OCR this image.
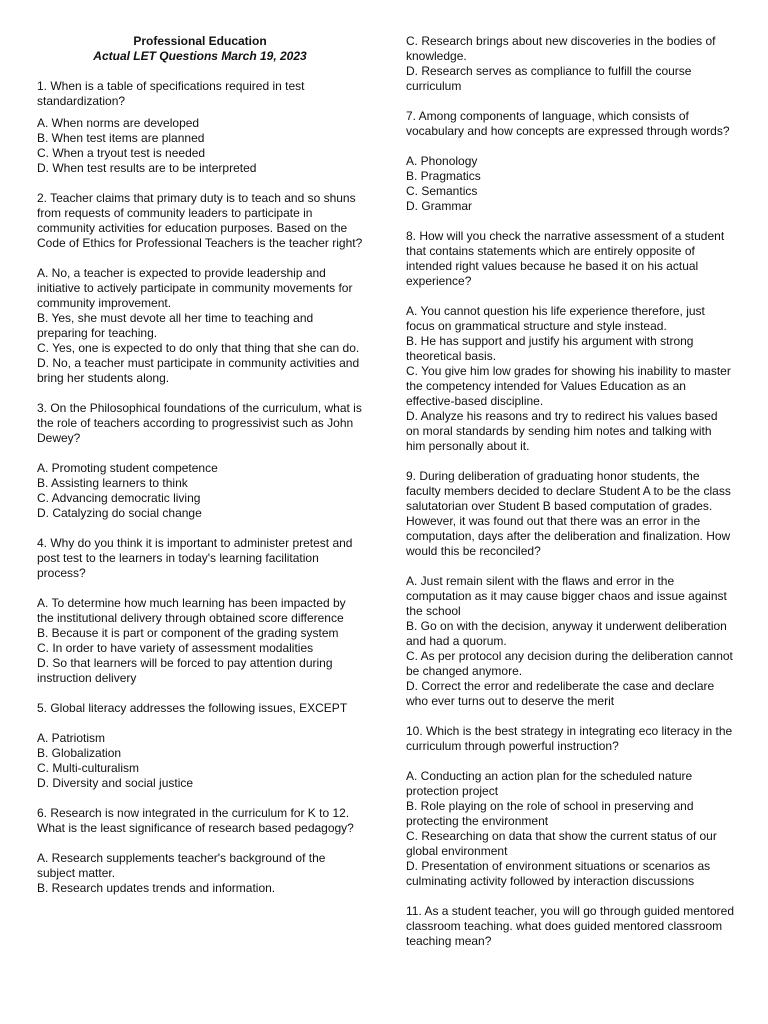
Professional Education

Actual LET Questions March 19, 2023

1. When is a table of specifications required in test standardization?

A. When norms are developed

B. When test items are planned

C. When a tryout test is needed

D. When test results are to be interpreted

2. Teacher claims that primary duty is to teach and so shuns from requests of community leaders to participate in community activities for education purposes. Based on the Code of Ethics for Professional Teachers is the teacher right?

A. No, a teacher is expected to provide leadership and initiative to actively participate in community movements for community improvement.

B. Yes, she must devote all her time to teaching and preparing for teaching.

C. Yes, one is expected to do only that thing that she can do.

D. No, a teacher must participate in community activities and bring her students along.

3. On the Philosophical foundations of the curriculum, what is the role of teachers according to progressivist such as John Dewey?

A. Promoting student competence

B. Assisting learners to think

C. Advancing democratic living

D. Catalyzing do social change

4. Why do you think it is important to administer pretest and post test to the learners in today's learning facilitation process?

A. To determine how much learning has been impacted by the institutional delivery through obtained score difference

B. Because it is part or component of the grading system

C. In order to have variety of assessment modalities

D. So that learners will be forced to pay attention during instruction delivery

5. Global literacy addresses the following issues, EXCEPT

A. Patriotism

B. Globalization

C. Multi-culturalism

D. Diversity and social justice

6. Research is now integrated in the curriculum for K to 12. What is the least significance of research based pedagogy?

A. Research supplements teacher's background of the subject matter.

B. Research updates trends and information.

C. Research brings about new discoveries in the bodies of knowledge.

D. Research serves as compliance to fulfill the course curriculum

7. Among components of language, which consists of vocabulary and how concepts are expressed through words?

A. Phonology

B. Pragmatics

C. Semantics

D. Grammar

8. How will you check the narrative assessment of a student that contains statements which are entirely opposite of intended right values because he based it on his actual experience?

A. You cannot question his life experience therefore, just focus on grammatical structure and style instead.

B. He has support and justify his argument with strong theoretical basis.

C. You give him low grades for showing his inability to master the competency intended for Values Education as an effective-based discipline.

D. Analyze his reasons and try to redirect his values based on moral standards by sending him notes and talking with him personally about it.

9. During deliberation of graduating honor students, the faculty members decided to declare Student A to be the class salutatorian over Student B based computation of grades. However, it was found out that there was an error in the computation, days after the deliberation and finalization. How would this be reconciled?

A. Just remain silent with the flaws and error in the computation as it may cause bigger chaos and issue against the school

B. Go on with the decision, anyway it underwent deliberation and had a quorum.

C. As per protocol any decision during the deliberation cannot be changed anymore.

D. Correct the error and redeliberate the case and declare who ever turns out to deserve the merit

10. Which is the best strategy in integrating eco literacy in the curriculum through powerful instruction?

A. Conducting an action plan for the scheduled nature protection project

B. Role playing on the role of school in preserving and protecting the environment

C. Researching on data that show the current status of our global environment

D. Presentation of environment situations or scenarios as culminating activity followed by interaction discussions

11. As a student teacher, you will go through guided mentored classroom teaching. what does guided mentored classroom teaching mean?
